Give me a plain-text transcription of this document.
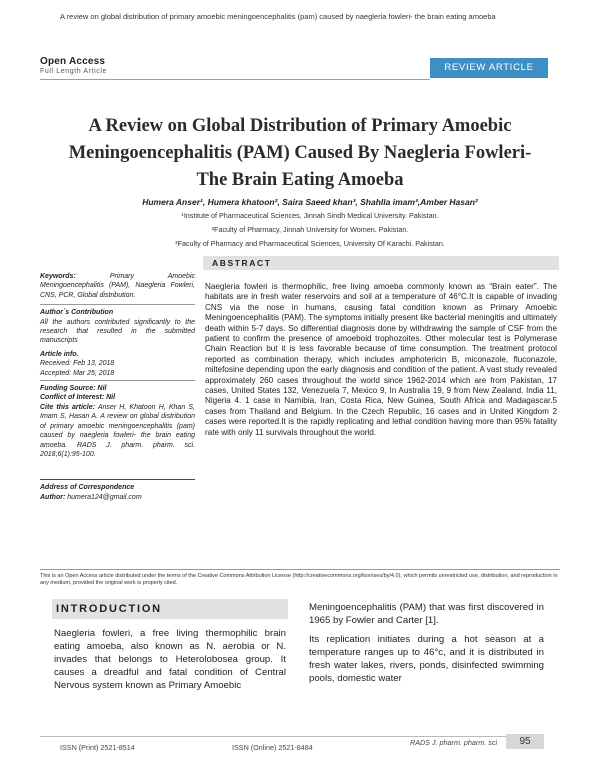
A review on global distribution of primary amoebic meningoencephalitis (pam) caused by naegleria fowleri- the brain eating amoeba
Open Access
Full Length Article	REVIEW ARTICLE
A Review on Global Distribution of Primary Amoebic Meningoencephalitis (PAM) Caused By Naegleria Fowleri- The Brain Eating Amoeba
Humera Anser¹, Humera khatoon², Saira Saeed khan³, Shahlla imam³,Amber Hasan²
¹Institute of Pharmaceutical Sciences, Jinnah Sindh Medical University. Pakistan.
²Faculty of Pharmacy, Jinnah University for Women. Pakistan.
³Faculty of Pharmacy and Pharmaceutical Sciences, University Of Karachi. Pakistan.
Keywords:	Primary Amoebic Meningoencephalitis (PAM), Naegleria Fowleri, CNS, PCR, Global distribution.
Author`s Contribution
All the authors contributed significantly to the research that resulted in the submitted manuscripts
Article info.
Received: Feb 13, 2018
Accepted: Mar 25, 2018
Funding Source: Nil
Conflict of Interest: Nil
Cite this article: Anser H, Khatoon H, Khan S, Imam S, Hasan A. A review on global distribution of primary amoebic meningoencephalitis (pam) caused by naegleria fowleri- the brain eating amoeba. RADS J. pharm. pharm. sci. 2018;6(1):95-100.
Address of Correspondence
Author: humera124@gmail.com
ABSTRACT
Naegleria fowleri is thermophilic, free living amoeba commonly known as “Brain eater”. The habitats are in fresh water reservoirs and soil at a temperature of 46°C.It is capable of invading CNS via the nose in humans, causing fatal condition known as Primary Amoebic Meningoencephalitis (PAM). The symptoms initially present like bacterial meningitis and ultimately death within 5-7 days. So differential diagnosis done by withdrawing the sample of CSF from the patient to confirm the presence of amoeboid trophozoites. Other molecular test is Polymerase Chain Reaction but it is less favorable because of time consumption. The treatment protocol reported as combination therapy, which includes amphotericin B, miconazole, fluconazole, miltefosine depending upon the early diagnosis and condition of the patient. A vast study revealed approximately 260 cases throughout the world since 1962-2014 which are from Pakistan, 17 cases, United States 132, Venezuela 7, Mexico 9, In Australia 19, 9 from New Zealand. India 11, Nigeria 4. 1 case in Namibia, Iran, Costa Rica, New Guinea, South Africa and Madagascar.5 cases from Thailand and Belgium. In the Czech Republic, 16 cases and in United Kingdom 2 cases were reported.It is the rapidly replicating and lethal condition having more than 95% fatality rate with only 11 survivals throughout the world.
This is an Open Access article distributed under the terms of the Creative Commons Attribution License (http://creativecommons.org/licenses/by/4.0), which permits unrestricted use, distribution, and reproduction in any medium, provided the original work is properly cited.
INTRODUCTION
Naegleria fowleri, a free living thermophilic brain eating amoeba, also known as N. aerobia or N. invades that belongs to Heterolobosea group. It causes a dreadful and fatal condition of Central Nervous system known as Primary Amoebic

Meningoencephalitis (PAM) that was first discovered in 1965 by Fowler and Carter [1].

Its replication initiates during a hot season at a temperature ranges up to 46°c, and it is distributed in fresh water lakes, rivers, ponds, disinfected swimming pools, domestic water

ISSN (Print) 2521-8514	ISSN (Online) 2521-8484
RADS J. pharm. pharm. sci	95
